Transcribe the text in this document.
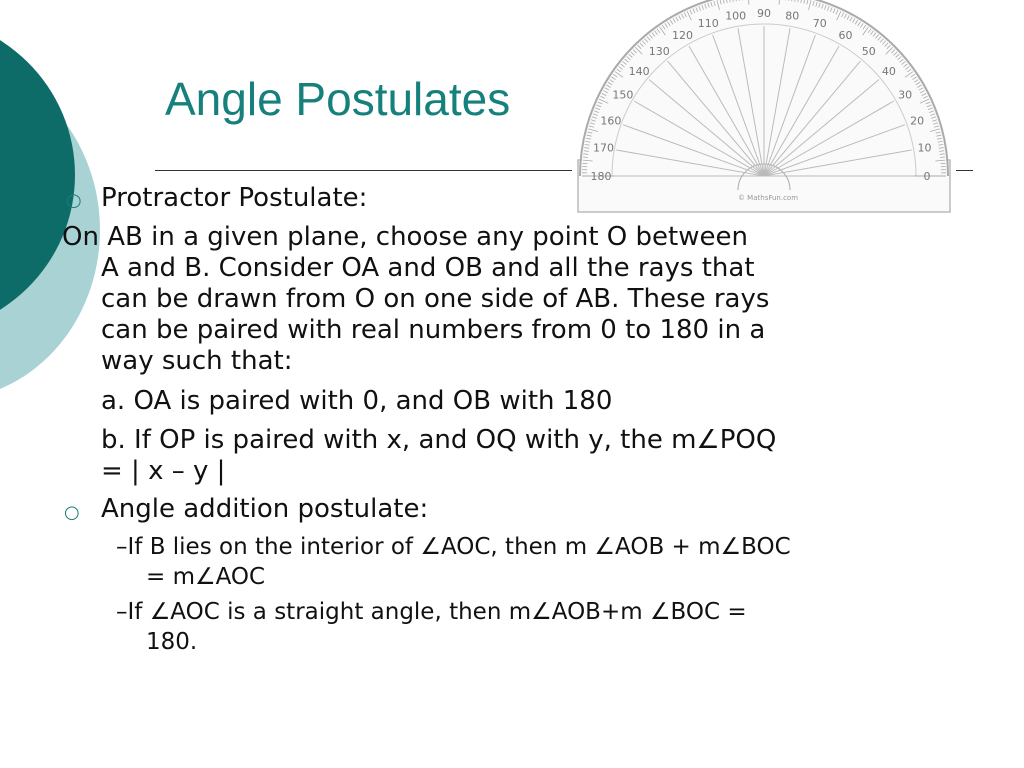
Angle Postulates
0
10
20
30
40
50
60
70
80
90
100
110
120
130
140
150
160
170
180
© MathsFun.com
○ Protractor Postulate:
On AB in a given plane, choose any point O between
A and B. Consider OA and OB and all the rays that
can be drawn from O on one side of AB. These rays
can be paired with real numbers from 0 to 180 in a
way such that:
a. OA is paired with 0, and OB with 180
b. If OP is paired with x, and OQ with y, the m∠POQ
= | x – y |
○ Angle addition postulate:
–If B lies on the interior of ∠AOC, then m ∠AOB + m∠BOC
= m∠AOC
–If ∠AOC is a straight angle, then m∠AOB+m ∠BOC =
180.
